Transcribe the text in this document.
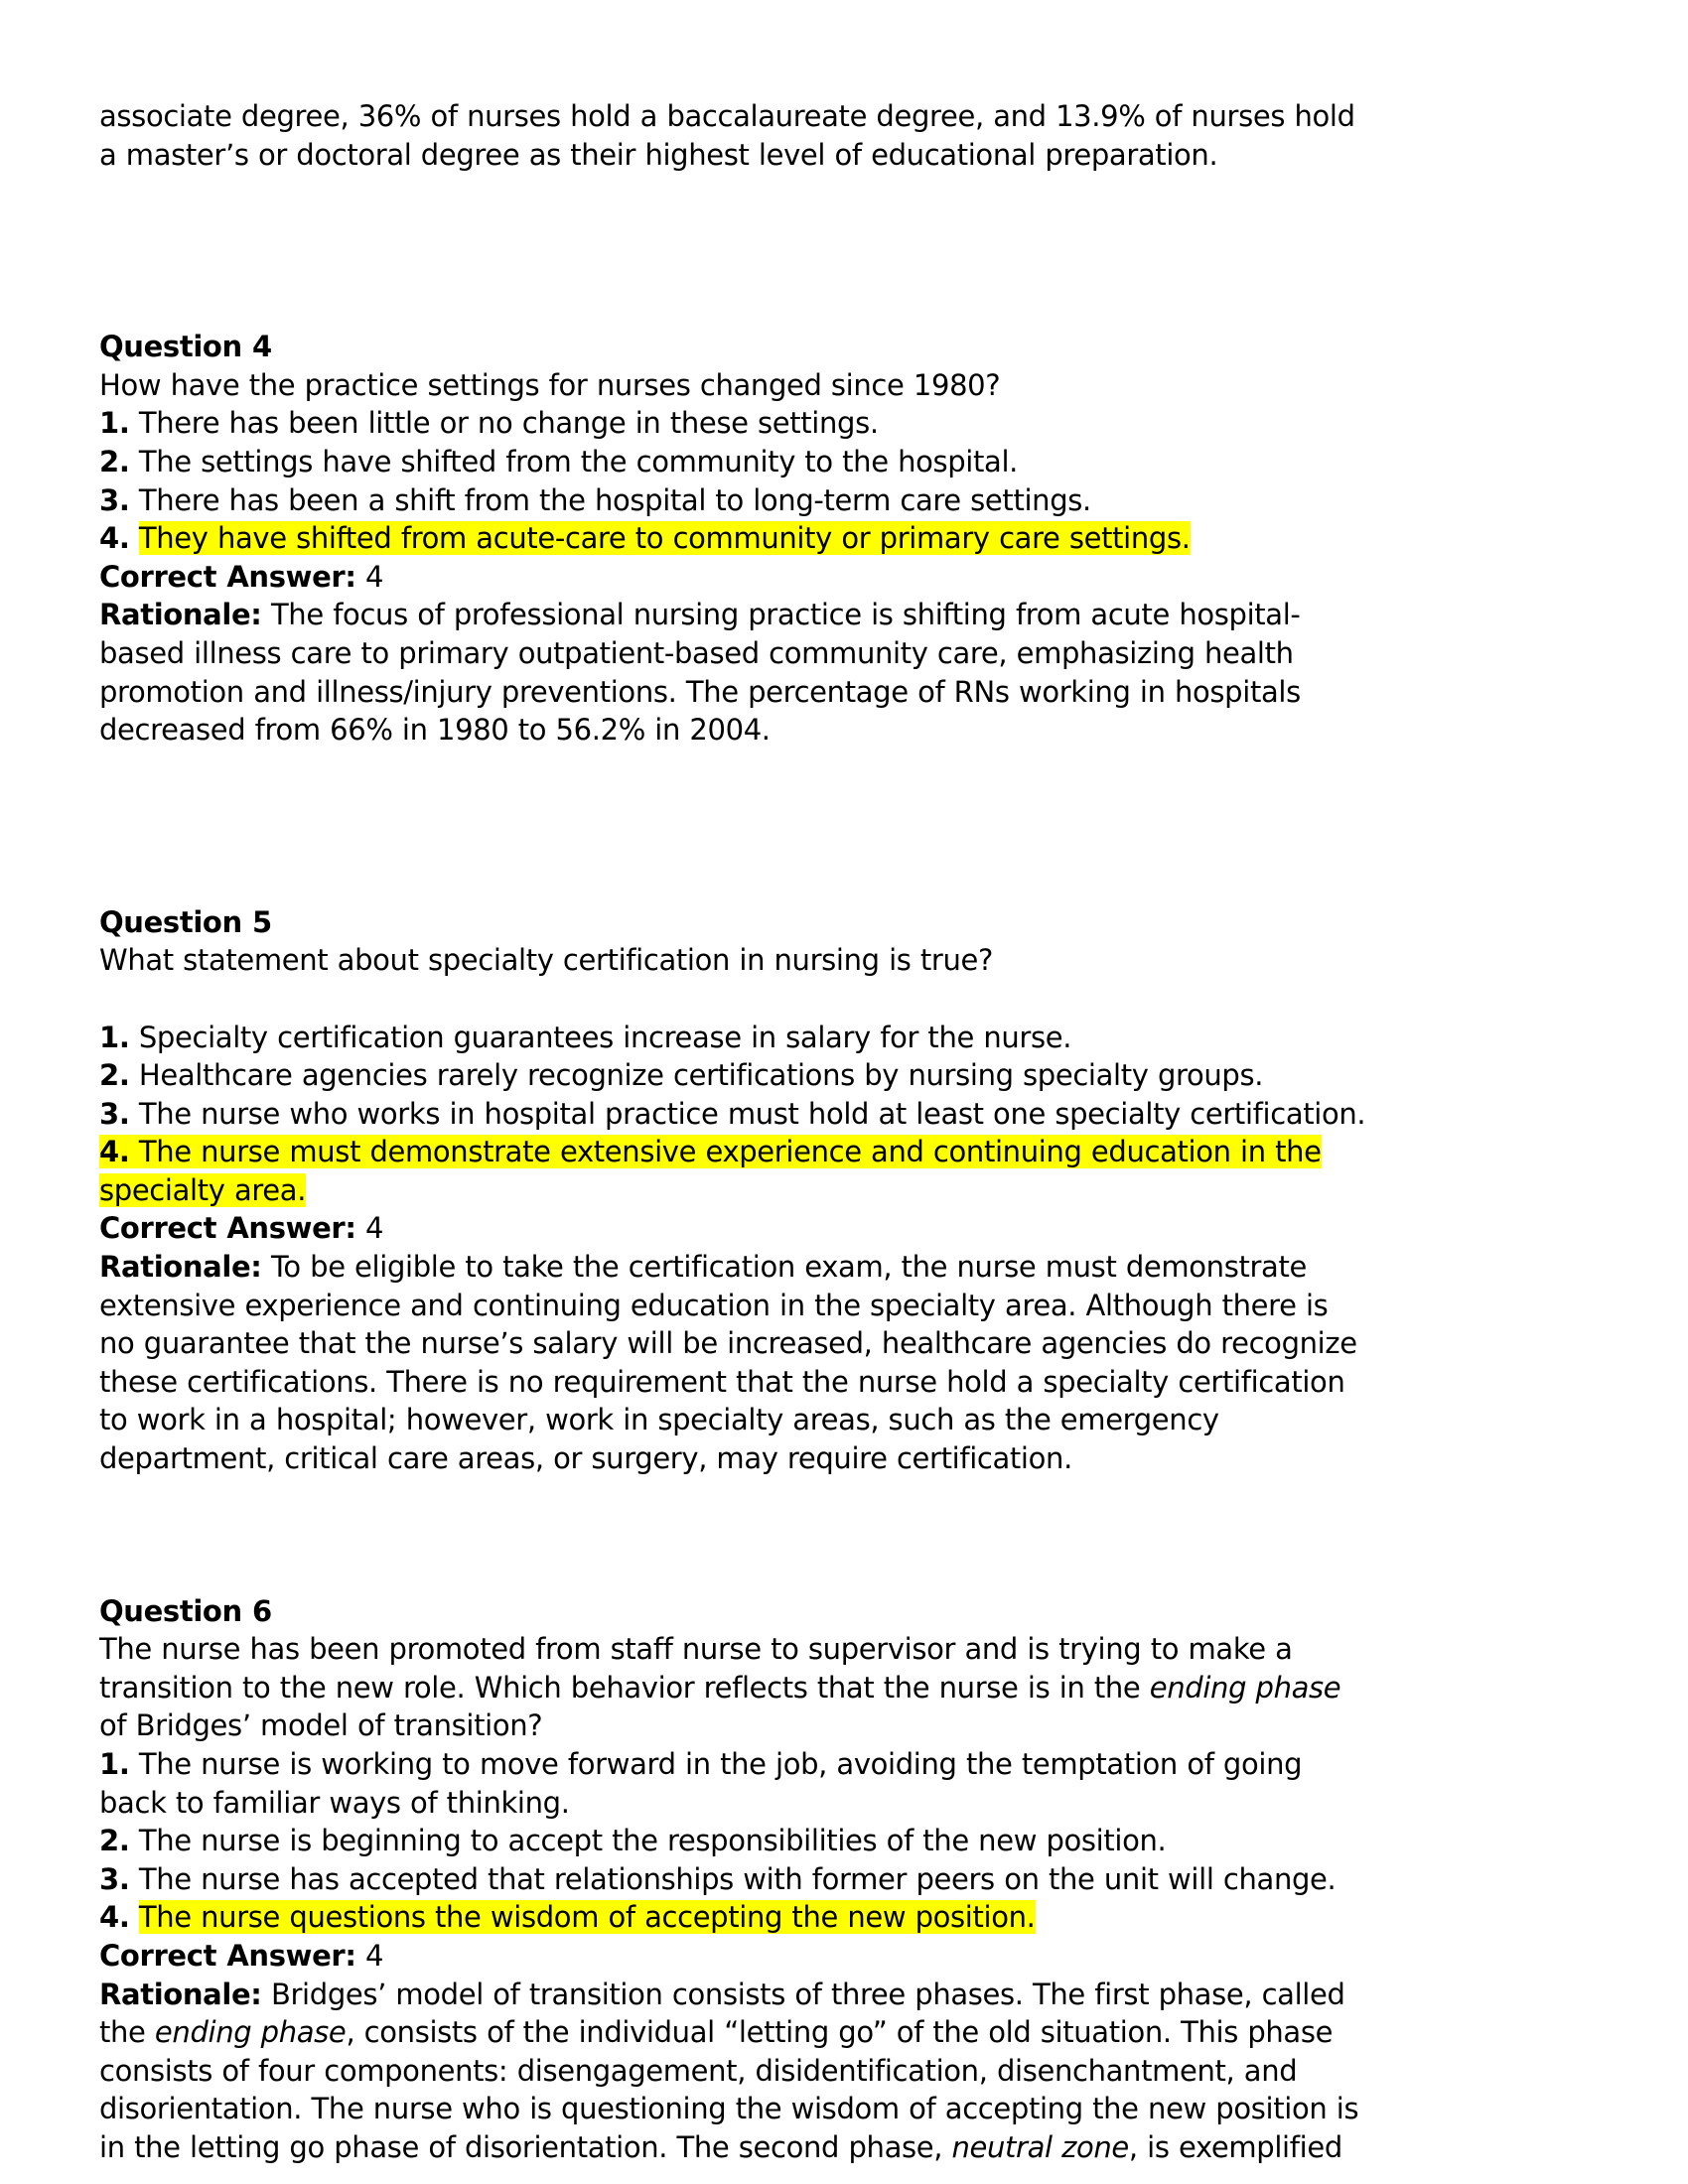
associate degree, 36% of nurses hold a baccalaureate degree, and 13.9% of nurses hold
a master’s or doctoral degree as their highest level of educational preparation.
Question 4
How have the practice settings for nurses changed since 1980?
1. There has been little or no change in these settings.
2. The settings have shifted from the community to the hospital.
3. There has been a shift from the hospital to long-term care settings.
4. They have shifted from acute-care to community or primary care settings.
Correct Answer: 4
Rationale: The focus of professional nursing practice is shifting from acute hospital-
based illness care to primary outpatient-based community care, emphasizing health
promotion and illness/injury preventions. The percentage of RNs working in hospitals
decreased from 66% in 1980 to 56.2% in 2004.
Question 5
What statement about specialty certification in nursing is true?
1. Specialty certification guarantees increase in salary for the nurse.
2. Healthcare agencies rarely recognize certifications by nursing specialty groups.
3. The nurse who works in hospital practice must hold at least one specialty certification.
4. The nurse must demonstrate extensive experience and continuing education in the
specialty area.
Correct Answer: 4
Rationale: To be eligible to take the certification exam, the nurse must demonstrate
extensive experience and continuing education in the specialty area. Although there is
no guarantee that the nurse’s salary will be increased, healthcare agencies do recognize
these certifications. There is no requirement that the nurse hold a specialty certification
to work in a hospital; however, work in specialty areas, such as the emergency
department, critical care areas, or surgery, may require certification.
Question 6
The nurse has been promoted from staff nurse to supervisor and is trying to make a
transition to the new role. Which behavior reflects that the nurse is in the ending phase
of Bridges’ model of transition?
1. The nurse is working to move forward in the job, avoiding the temptation of going
back to familiar ways of thinking.
2. The nurse is beginning to accept the responsibilities of the new position.
3. The nurse has accepted that relationships with former peers on the unit will change.
4. The nurse questions the wisdom of accepting the new position.
Correct Answer: 4
Rationale: Bridges’ model of transition consists of three phases. The first phase, called
the ending phase, consists of the individual “letting go” of the old situation. This phase
consists of four components: disengagement, disidentification, disenchantment, and
disorientation. The nurse who is questioning the wisdom of accepting the new position is
in the letting go phase of disorientation. The second phase, neutral zone, is exemplified
